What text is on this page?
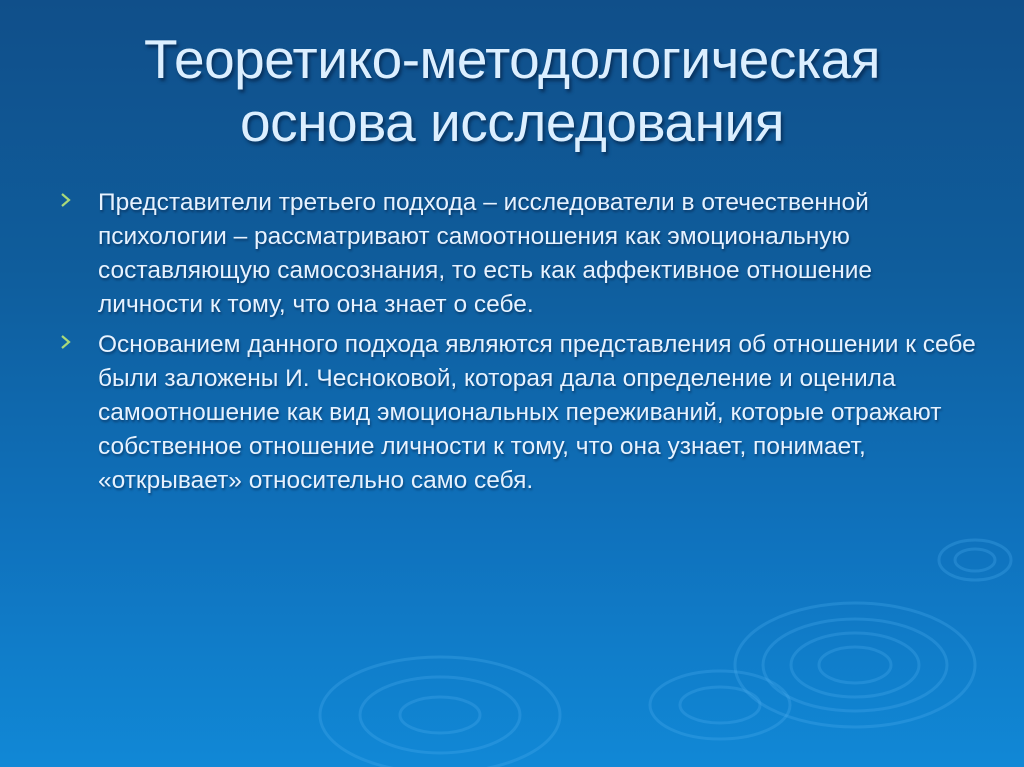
Теоретико-методологическая
основа исследования
Представители третьего подхода – исследователи в отечественной психологии – рассматривают самоотношения как эмоциональную составляющую самосознания, то есть как аффективное отношение личности к тому, что она знает о себе.
Основанием данного подхода являются представления об отношении к себе были заложены И. Чесноковой, которая дала определение и оценила самоотношение как вид эмоциональных переживаний, которые отражают собственное отношение личности к тому, что она узнает, понимает, «открывает» относительно само себя.
